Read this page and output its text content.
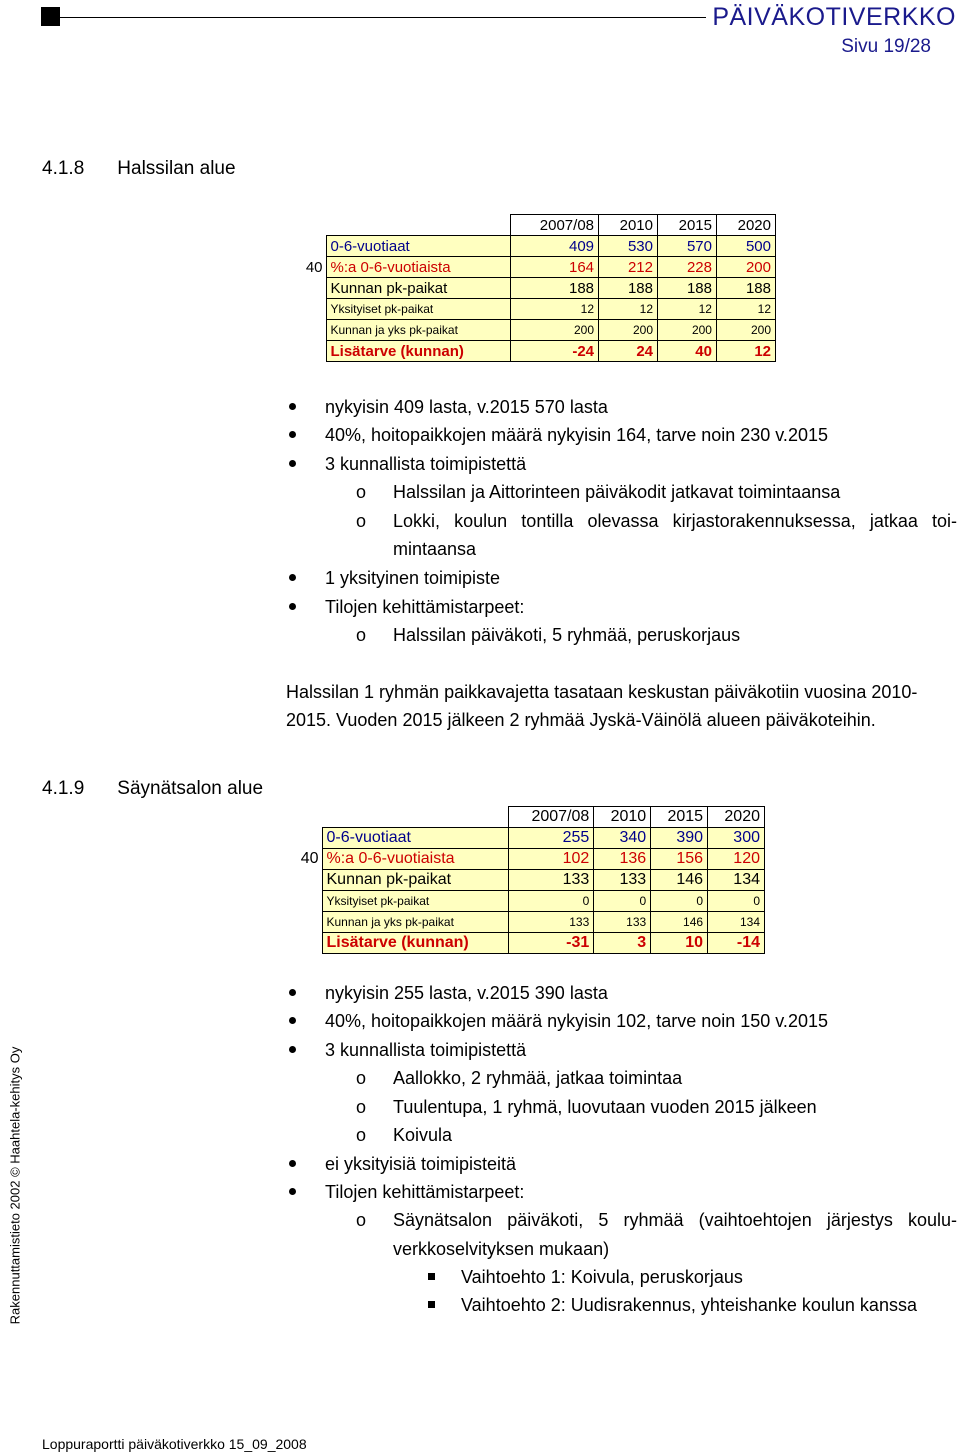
PÄIVÄKOTIVERKKO
Sivu 19/28
4.1.8 Halssilan alue
		2007/08	2010	2015	2020
	0-6-vuotiaat	409	530	570	500
40	%:a 0-6-vuotiaista	164	212	228	200
	Kunnan pk-paikat	188	188	188	188
	Yksityiset pk-paikat	12	12	12	12
	Kunnan ja yks pk-paikat	200	200	200	200
	Lisätarve (kunnan)	-24	24	40	12
nykyisin 409 lasta, v.2015 570 lasta
40%, hoitopaikkojen määrä nykyisin 164, tarve noin 230 v.2015
3 kunnallista toimipistettä
o Halssilan ja Aittorinteen päiväkodit jatkavat toimintaansa
o Lokki, koulun tontilla olevassa kirjastorakennuksessa, jatkaa toi-
mintaansa
1 yksityinen toimipiste
Tilojen kehittämistarpeet:
o Halssilan päiväkoti, 5 ryhmää, peruskorjaus
Halssilan 1 ryhmän paikkavajetta tasataan keskustan päiväkotiin vuosina 2010-
2015. Vuoden 2015 jälkeen 2 ryhmää Jyskä-Väinölä alueen päiväkoteihin.
4.1.9 Säynätsalon alue
		2007/08	2010	2015	2020
	0-6-vuotiaat	255	340	390	300
40	%:a 0-6-vuotiaista	102	136	156	120
	Kunnan pk-paikat	133	133	146	134
	Yksityiset pk-paikat	0	0	0	0
	Kunnan ja yks pk-paikat	133	133	146	134
	Lisätarve (kunnan)	-31	3	10	-14
nykyisin 255 lasta, v.2015 390 lasta
40%, hoitopaikkojen määrä nykyisin 102, tarve noin 150 v.2015
3 kunnallista toimipistettä
o Aallokko, 2 ryhmää, jatkaa toimintaa
o Tuulentupa, 1 ryhmä, luovutaan vuoden 2015 jälkeen
o Koivula
ei yksityisiä toimipisteitä
Tilojen kehittämistarpeet:
o Säynätsalon päiväkoti, 5 ryhmää (vaihtoehtojen järjestys koulu-
verkkoselvityksen mukaan)
Vaihtoehto 1: Koivula, peruskorjaus
Vaihtoehto 2: Uudisrakennus, yhteishanke koulun kanssa
Rakennuttamistieto 2002 © Haahtela-kehitys Oy
Loppuraportti päiväkotiverkko 15_09_2008
